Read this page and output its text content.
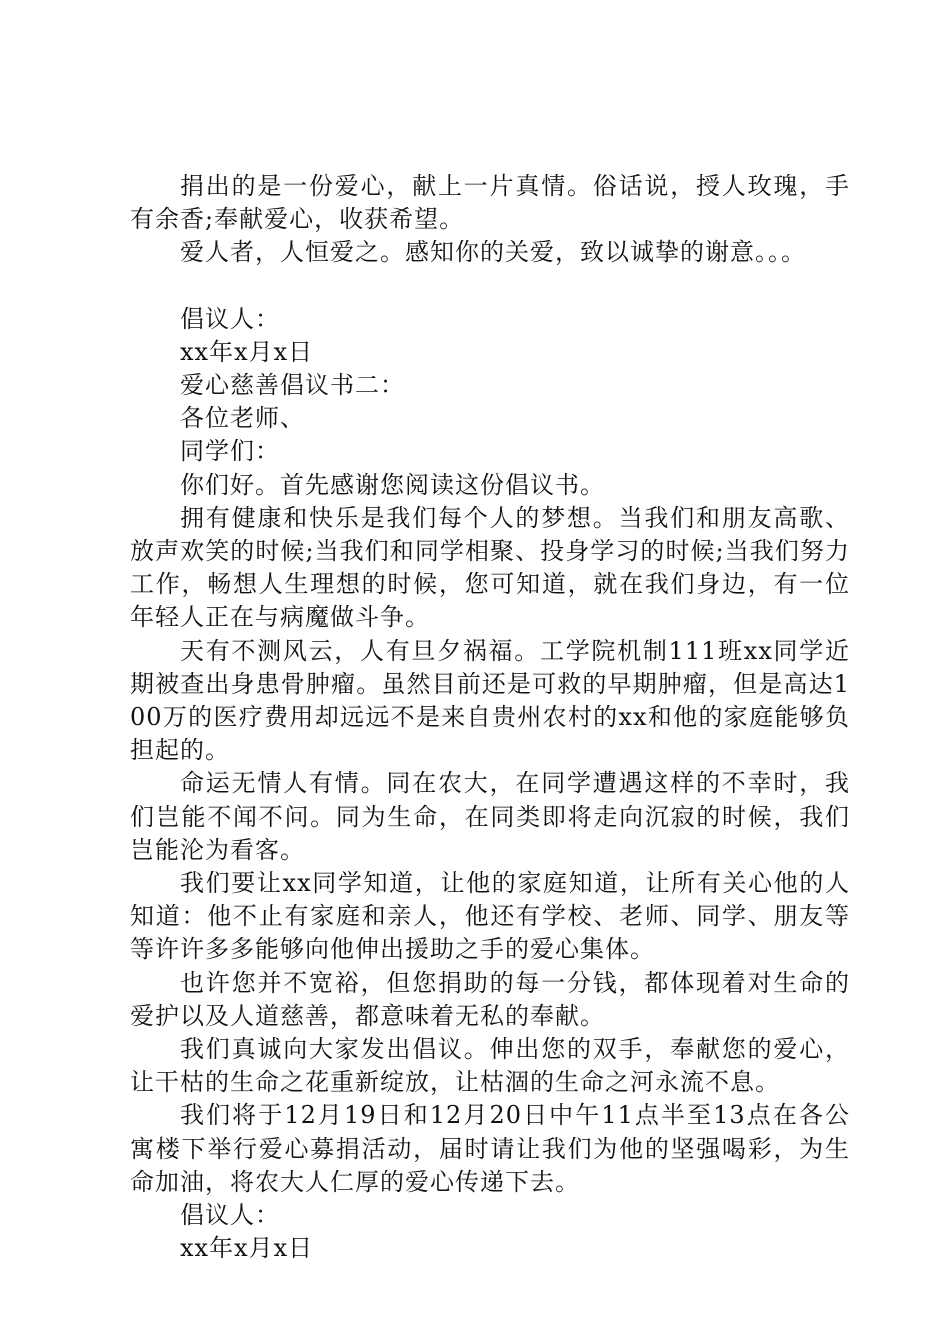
捐出的是一份爱心，献上一片真情。俗话说，授人玫瑰，手有余香;奉献爱心，收获希望。

爱人者，人恒爱之。感知你的关爱，致以诚挚的谢意。。。

倡议人：

xx年x月x日

爱心慈善倡议书二：

各位老师、

同学们：

你们好。首先感谢您阅读这份倡议书。

拥有健康和快乐是我们每个人的梦想。当我们和朋友高歌、放声欢笑的时候;当我们和同学相聚、投身学习的时候;当我们努力工作，畅想人生理想的时候，您可知道，就在我们身边，有一位年轻人正在与病魔做斗争。

天有不测风云，人有旦夕祸福。工学院机制111班xx同学近期被查出身患骨肿瘤。虽然目前还是可救的早期肿瘤，但是高达100万的医疗费用却远远不是来自贵州农村的xx和他的家庭能够负担起的。

命运无情人有情。同在农大，在同学遭遇这样的不幸时，我们岂能不闻不问。同为生命，在同类即将走向沉寂的时候，我们岂能沦为看客。

我们要让xx同学知道，让他的家庭知道，让所有关心他的人知道：他不止有家庭和亲人，他还有学校、老师、同学、朋友等等许许多多能够向他伸出援助之手的爱心集体。

也许您并不宽裕，但您捐助的每一分钱，都体现着对生命的爱护以及人道慈善，都意味着无私的奉献。

我们真诚向大家发出倡议。伸出您的双手，奉献您的爱心，让干枯的生命之花重新绽放，让枯涸的生命之河永流不息。

我们将于12月19日和12月20日中午11点半至13点在各公寓楼下举行爱心募捐活动，届时请让我们为他的坚强喝彩，为生命加油，将农大人仁厚的爱心传递下去。

倡议人：

xx年x月x日
